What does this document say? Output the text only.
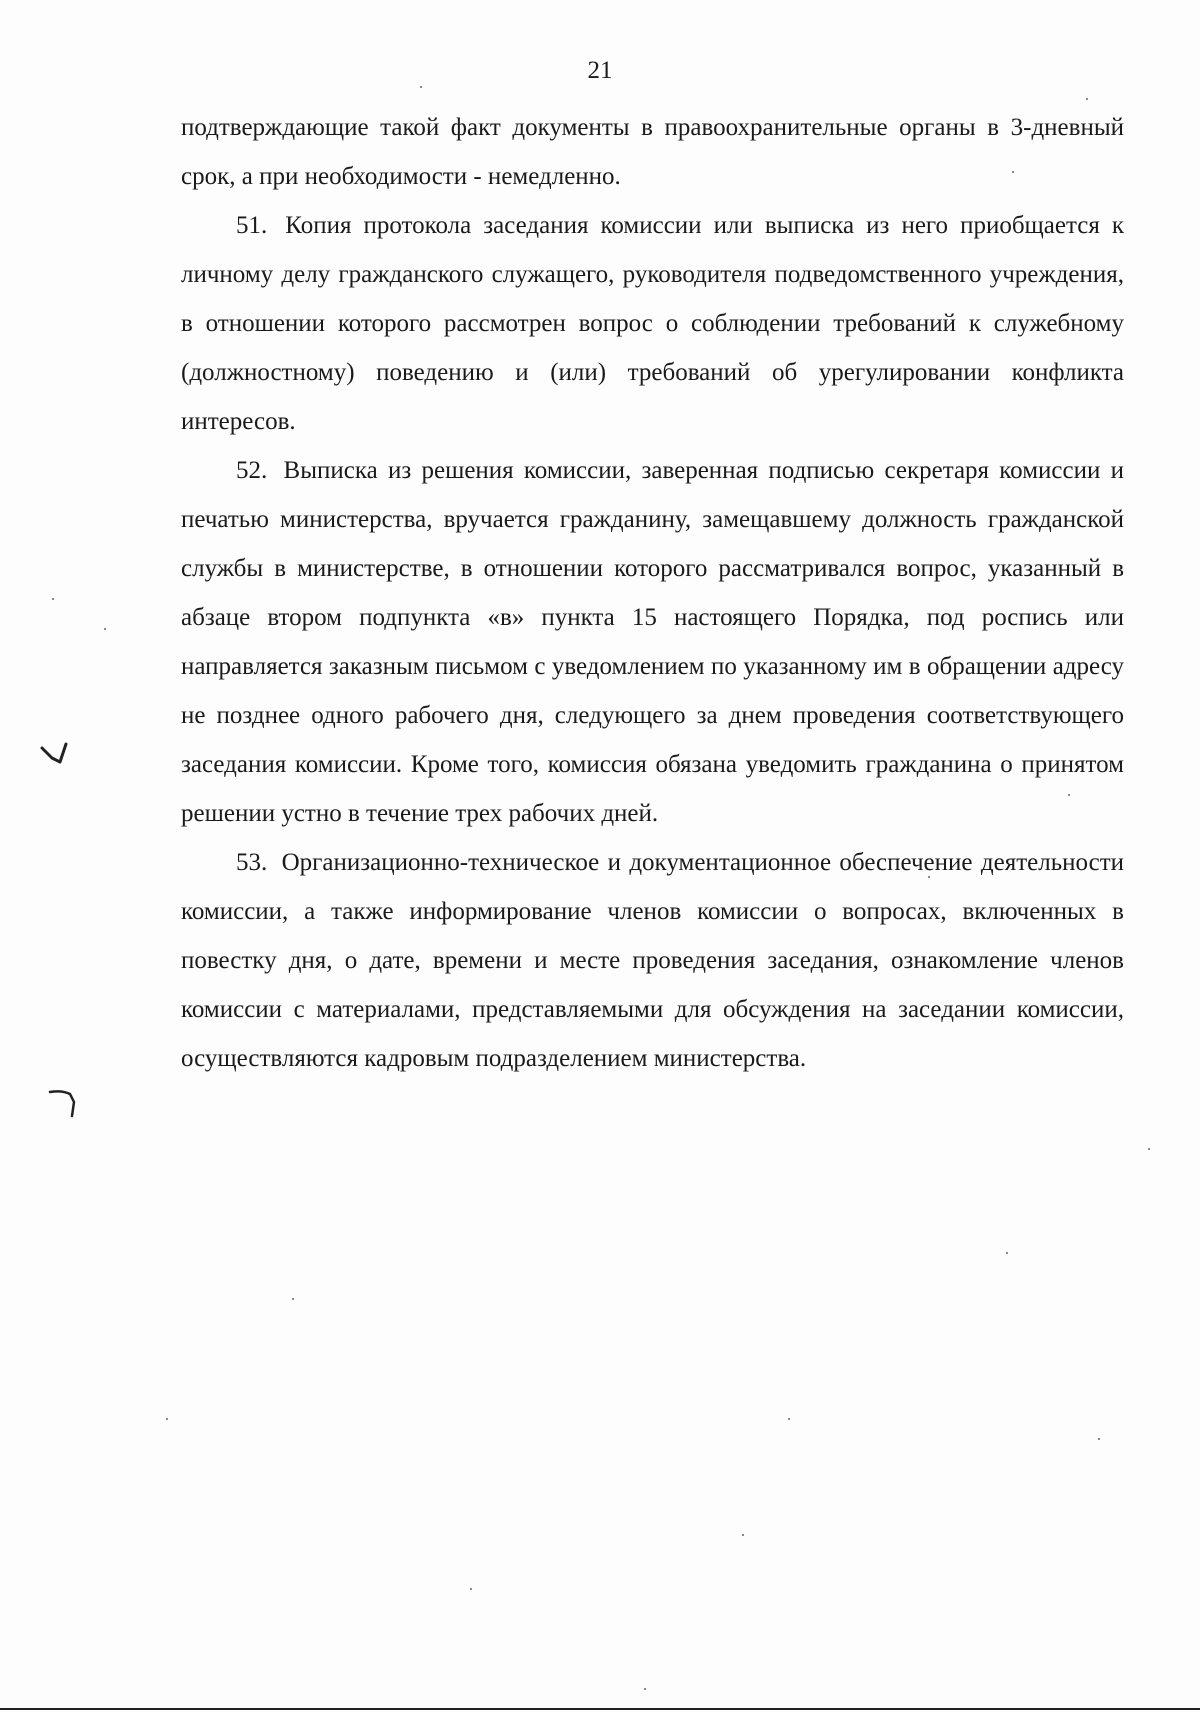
21

подтверждающие такой факт документы в правоохранительные органы в 3-дневный срок, а при необходимости - немедленно.

51. Копия протокола заседания комиссии или выписка из него приобщается к личному делу гражданского служащего, руководителя подведомственного учреждения, в отношении которого рассмотрен вопрос о соблюдении требований к служебному (должностному) поведению и (или) требований об урегулировании конфликта интересов.

52. Выписка из решения комиссии, заверенная подписью секретаря комиссии и печатью министерства, вручается гражданину, замещавшему должность гражданской службы в министерстве, в отношении которого рассматривался вопрос, указанный в абзаце втором подпункта «в» пункта 15 настоящего Порядка, под роспись или направляется заказным письмом с уведомлением по указанному им в обращении адресу не позднее одного рабочего дня, следующего за днем проведения соответствующего заседания комиссии. Кроме того, комиссия обязана уведомить гражданина о принятом решении устно в течение трех рабочих дней.

53. Организационно-техническое и документационное обеспечение деятельности комиссии, а также информирование членов комиссии о вопросах, включенных в повестку дня, о дате, времени и месте проведения заседания, ознакомление членов комиссии с материалами, представляемыми для обсуждения на заседании комиссии, осуществляются кадровым подразделением министерства.
